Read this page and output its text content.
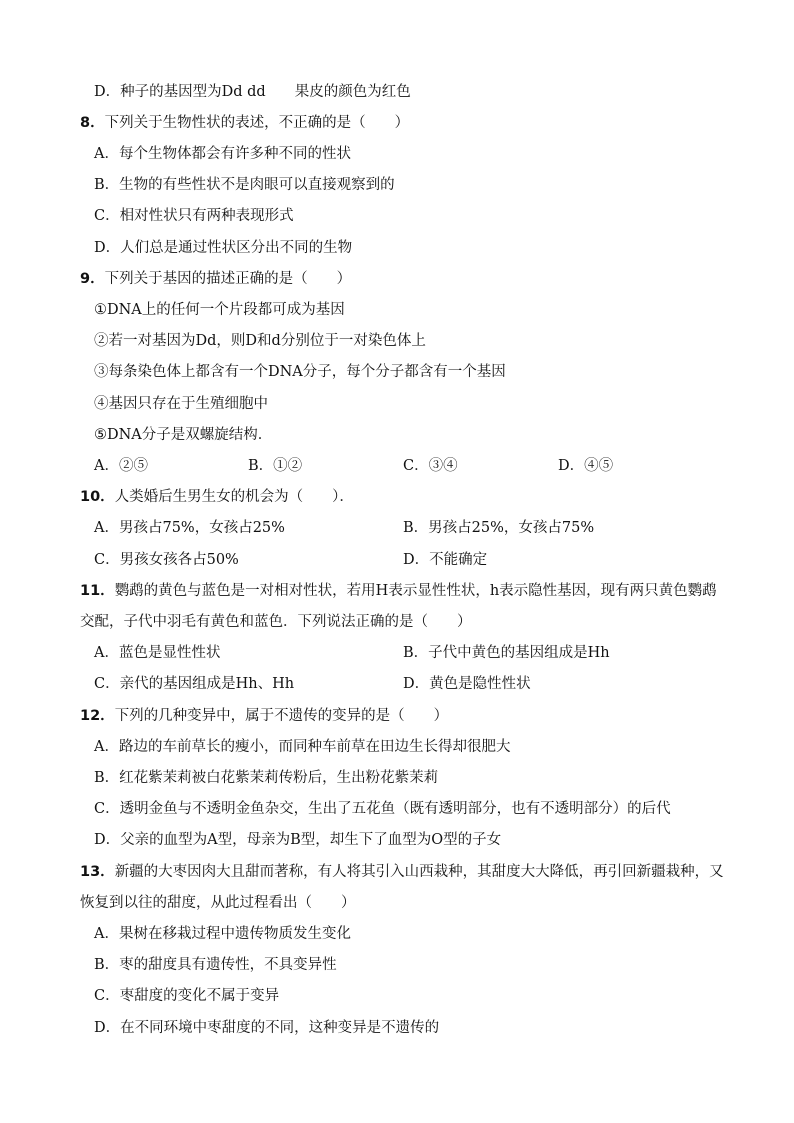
D．种子的基因型为Dd dd　　果皮的颜色为红色
8．下列关于生物性状的表述，不正确的是（　　）
A．每个生物体都会有许多种不同的性状
B．生物的有些性状不是肉眼可以直接观察到的
C．相对性状只有两种表现形式
D．人们总是通过性状区分出不同的生物
9．下列关于基因的描述正确的是（　　）
①DNA上的任何一个片段都可成为基因
②若一对基因为Dd，则D和d分别位于一对染色体上
③每条染色体上都含有一个DNA分子，每个分子都含有一个基因
④基因只存在于生殖细胞中
⑤DNA分子是双螺旋结构．
A．②⑤	B．①②	C．③④	D．④⑤
10．人类婚后生男生女的机会为（　　）．
A．男孩占75%，女孩占25%	B．男孩占25%，女孩占75%
C．男孩女孩各占50%	D．不能确定
11．鹦鹉的黄色与蓝色是一对相对性状，若用H表示显性性状，h表示隐性基因，现有两只黄色鹦鹉
交配，子代中羽毛有黄色和蓝色．下列说法正确的是（　　）
A．蓝色是显性性状	B．子代中黄色的基因组成是Hh
C．亲代的基因组成是Hh、Hh	D．黄色是隐性性状
12．下列的几种变异中，属于不遗传的变异的是（　　）
A．路边的车前草长的瘦小，而同种车前草在田边生长得却很肥大
B．红花紫茉莉被白花紫茉莉传粉后，生出粉花紫茉莉
C．透明金鱼与不透明金鱼杂交，生出了五花鱼（既有透明部分，也有不透明部分）的后代
D．父亲的血型为A型，母亲为B型，却生下了血型为O型的子女
13．新疆的大枣因肉大且甜而著称，有人将其引入山西栽种，其甜度大大降低，再引回新疆栽种，又
恢复到以往的甜度，从此过程看出（　　）
A．果树在移栽过程中遗传物质发生变化
B．枣的甜度具有遗传性，不具变异性
C．枣甜度的变化不属于变异
D．在不同环境中枣甜度的不同，这种变异是不遗传的
